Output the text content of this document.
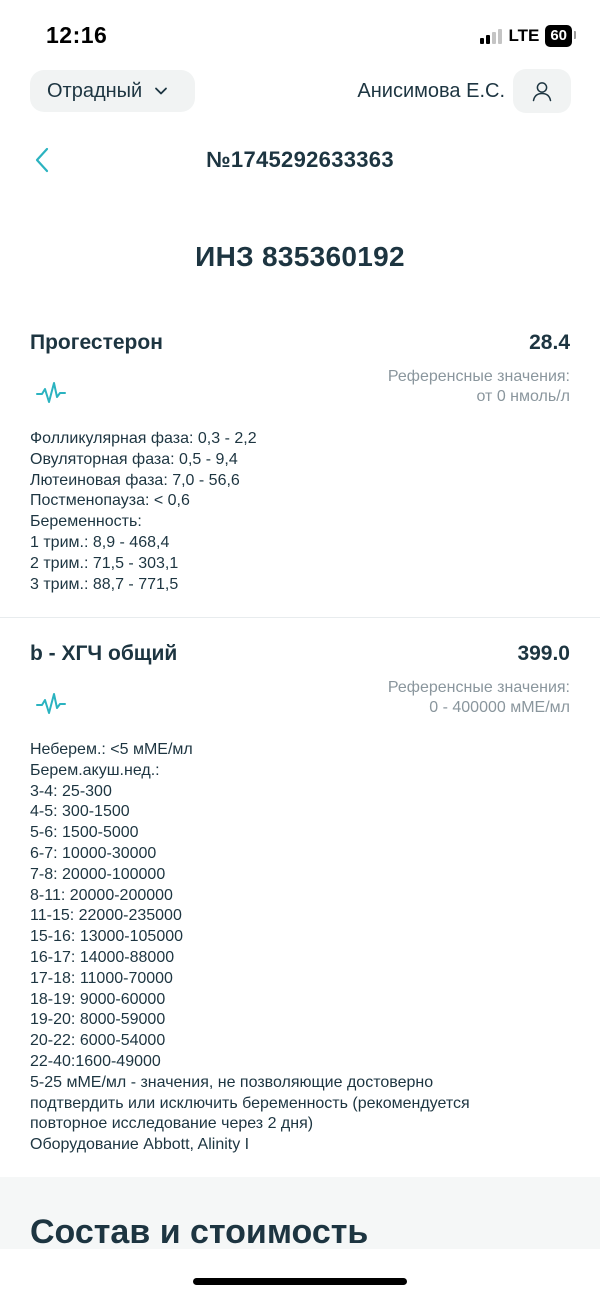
12:16	LTE 60
Отрадный	Анисимова Е.С.
№1745292633363
ИНЗ 835360192
Прогестерон	28.4
Референсные значения:
от 0 нмоль/л
Фолликулярная фаза: 0,3 - 2,2
Овуляторная фаза: 0,5 - 9,4
Лютеиновая фаза: 7,0 - 56,6
Постменопауза: < 0,6
Беременность:
1 трим.: 8,9 - 468,4
2 трим.: 71,5 - 303,1
3 трим.: 88,7 - 771,5
b - ХГЧ общий	399.0
Референсные значения:
0 - 400000 мМЕ/мл
Неберем.: <5 мМЕ/мл
Берем.акуш.нед.:
3-4: 25-300
4-5: 300-1500
5-6: 1500-5000
6-7: 10000-30000
7-8: 20000-100000
8-11: 20000-200000
11-15: 22000-235000
15-16: 13000-105000
16-17: 14000-88000
17-18: 11000-70000
18-19: 9000-60000
19-20: 8000-59000
20-22: 6000-54000
22-40:1600-49000
5-25 мМЕ/мл - значения, не позволяющие достоверно
подтвердить или исключить беременность (рекомендуется
повторное исследование через 2 дня)
Оборудование Abbott, Alinity I
Состав и стоимость
